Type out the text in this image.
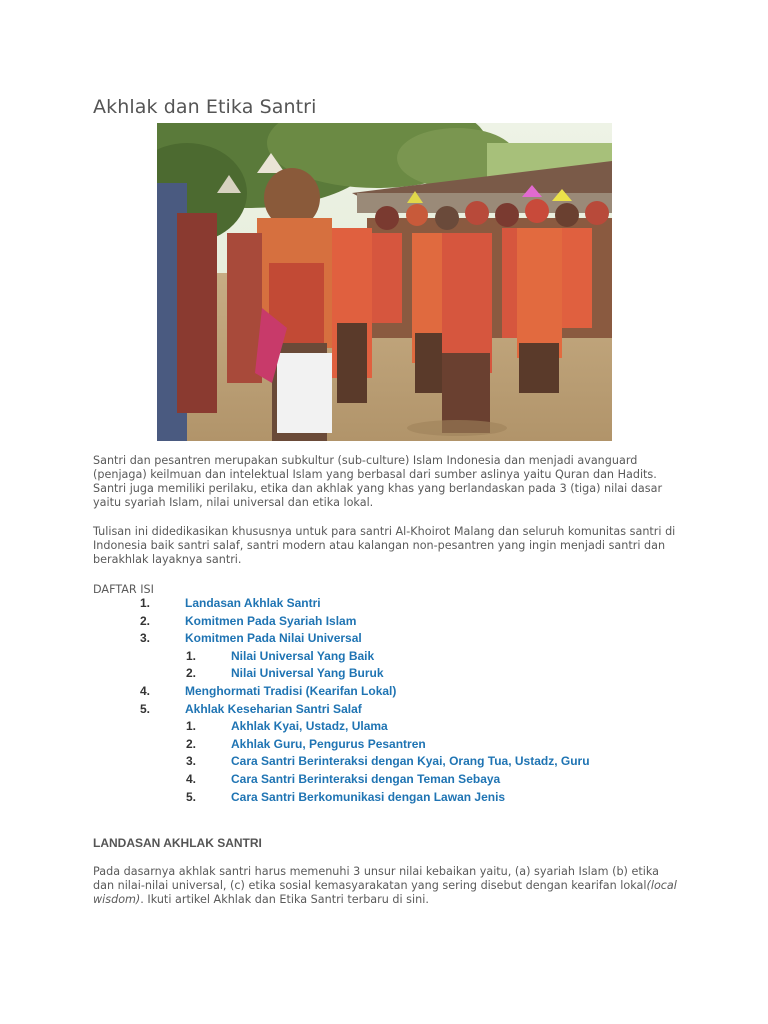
Akhlak dan Etika Santri

Santri dan pesantren merupakan subkultur (sub-culture) Islam Indonesia dan menjadi avanguard (penjaga) keilmuan dan intelektual Islam yang berbasal dari sumber aslinya yaitu Quran dan Hadits. Santri juga memiliki perilaku, etika dan akhlak yang khas yang berlandaskan pada 3 (tiga) nilai dasar yaitu syariah Islam, nilai universal dan etika lokal.

Tulisan ini didedikasikan khususnya untuk para santri Al-Khoirot Malang dan seluruh komunitas santri di Indonesia baik santri salaf, santri modern atau kalangan non-pesantren yang ingin menjadi santri dan berakhlak layaknya santri.

DAFTAR ISI
1.	Landasan Akhlak Santri
2.	Komitmen Pada Syariah Islam
3.	Komitmen Pada Nilai Universal
1.	Nilai Universal Yang Baik
2.	Nilai Universal Yang Buruk
4.	Menghormati Tradisi (Kearifan Lokal)
5.	Akhlak Keseharian Santri Salaf
1.	Akhlak Kyai, Ustadz, Ulama
2.	Akhlak Guru, Pengurus Pesantren
3.	Cara Santri Berinteraksi dengan Kyai, Orang Tua, Ustadz, Guru
4.	Cara Santri Berinteraksi dengan Teman Sebaya
5.	Cara Santri Berkomunikasi dengan Lawan Jenis
LANDASAN AKHLAK SANTRI

Pada dasarnya akhlak santri harus memenuhi 3 unsur nilai kebaikan yaitu, (a) syariah Islam (b) etika dan nilai-nilai universal, (c) etika sosial kemasyarakatan yang sering disebut dengan kearifan lokal(local wisdom). Ikuti artikel Akhlak dan Etika Santri terbaru di sini.
